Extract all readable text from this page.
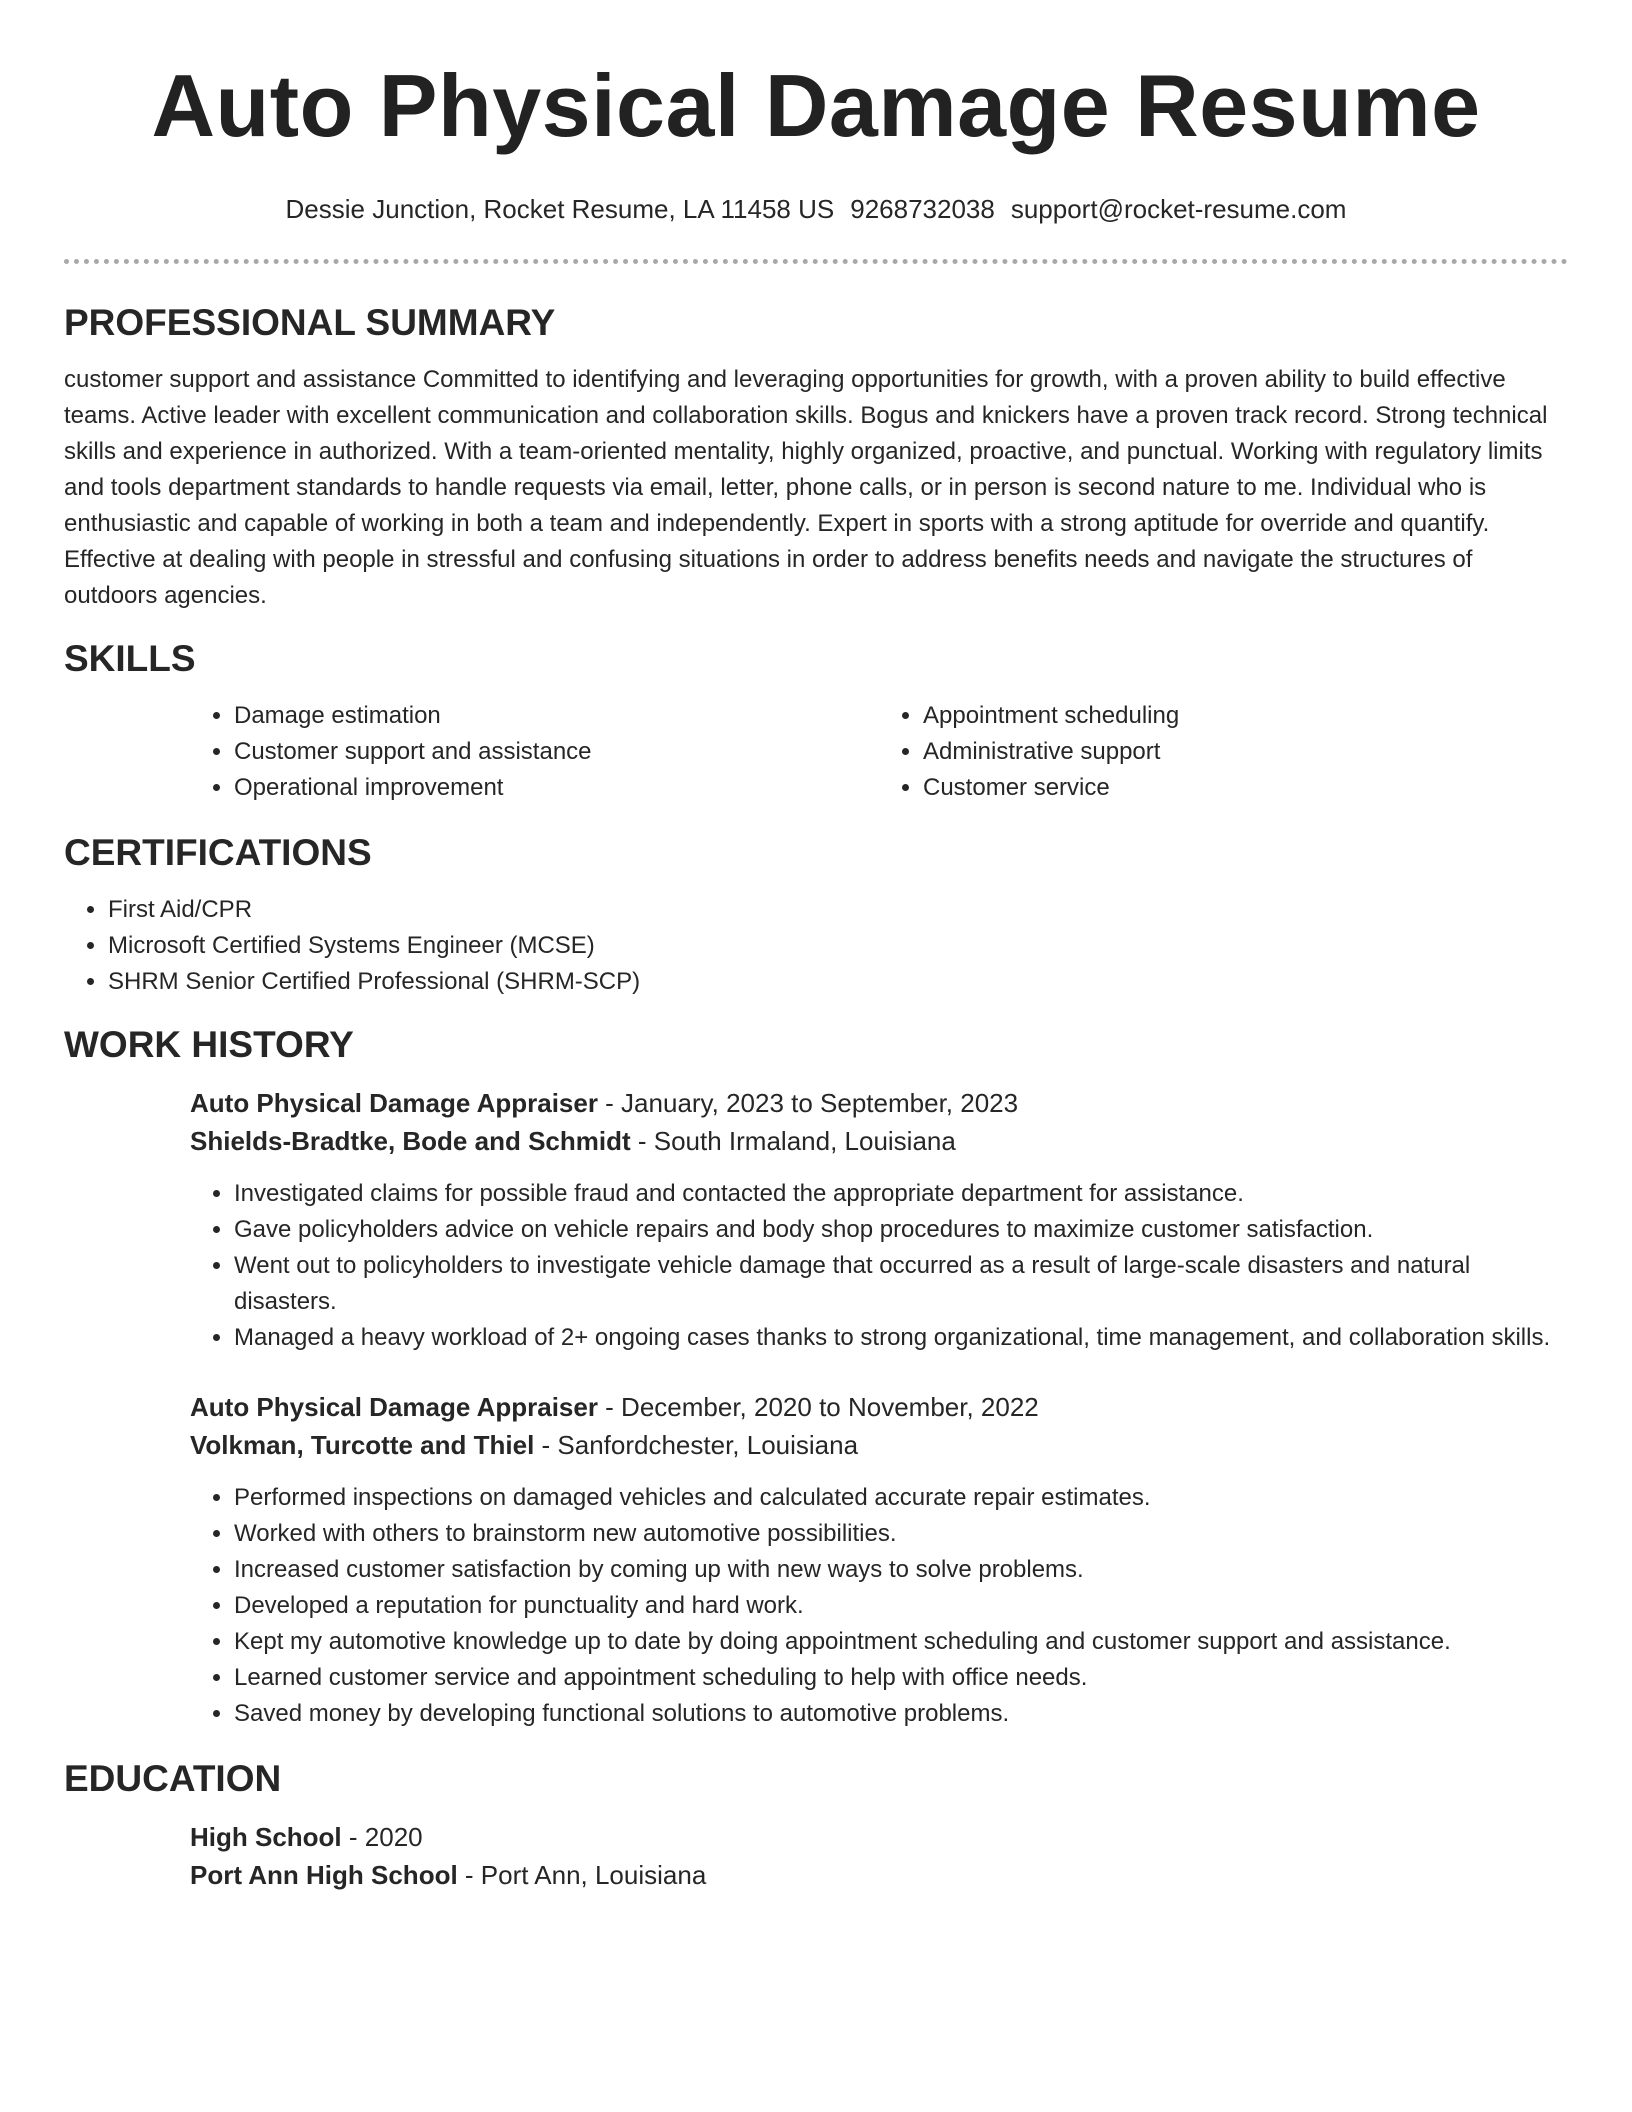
Auto Physical Damage Resume
Dessie Junction, Rocket Resume, LA 11458 US 9268732038 support@rocket-resume.com
PROFESSIONAL SUMMARY

customer support and assistance Committed to identifying and leveraging opportunities for growth, with a proven ability to build effective teams. Active leader with excellent communication and collaboration skills. Bogus and knickers have a proven track record. Strong technical skills and experience in authorized. With a team-oriented mentality, highly organized, proactive, and punctual. Working with regulatory limits and tools department standards to handle requests via email, letter, phone calls, or in person is second nature to me. Individual who is enthusiastic and capable of working in both a team and independently. Expert in sports with a strong aptitude for override and quantify. Effective at dealing with people in stressful and confusing situations in order to address benefits needs and navigate the structures of outdoors agencies.

SKILLS
• Damage estimation
• Customer support and assistance
• Operational improvement
• Appointment scheduling
• Administrative support
• Customer service
CERTIFICATIONS
• First Aid/CPR
• Microsoft Certified Systems Engineer (MCSE)
• SHRM Senior Certified Professional (SHRM-SCP)
WORK HISTORY
Auto Physical Damage Appraiser - January, 2023 to September, 2023
Shields-Bradtke, Bode and Schmidt - South Irmaland, Louisiana
• Investigated claims for possible fraud and contacted the appropriate department for assistance.
• Gave policyholders advice on vehicle repairs and body shop procedures to maximize customer satisfaction.
• Went out to policyholders to investigate vehicle damage that occurred as a result of large-scale disasters and natural disasters.
• Managed a heavy workload of 2+ ongoing cases thanks to strong organizational, time management, and collaboration skills.
Auto Physical Damage Appraiser - December, 2020 to November, 2022
Volkman, Turcotte and Thiel - Sanfordchester, Louisiana
• Performed inspections on damaged vehicles and calculated accurate repair estimates.
• Worked with others to brainstorm new automotive possibilities.
• Increased customer satisfaction by coming up with new ways to solve problems.
• Developed a reputation for punctuality and hard work.
• Kept my automotive knowledge up to date by doing appointment scheduling and customer support and assistance.
• Learned customer service and appointment scheduling to help with office needs.
• Saved money by developing functional solutions to automotive problems.
EDUCATION
High School - 2020
Port Ann High School - Port Ann, Louisiana
